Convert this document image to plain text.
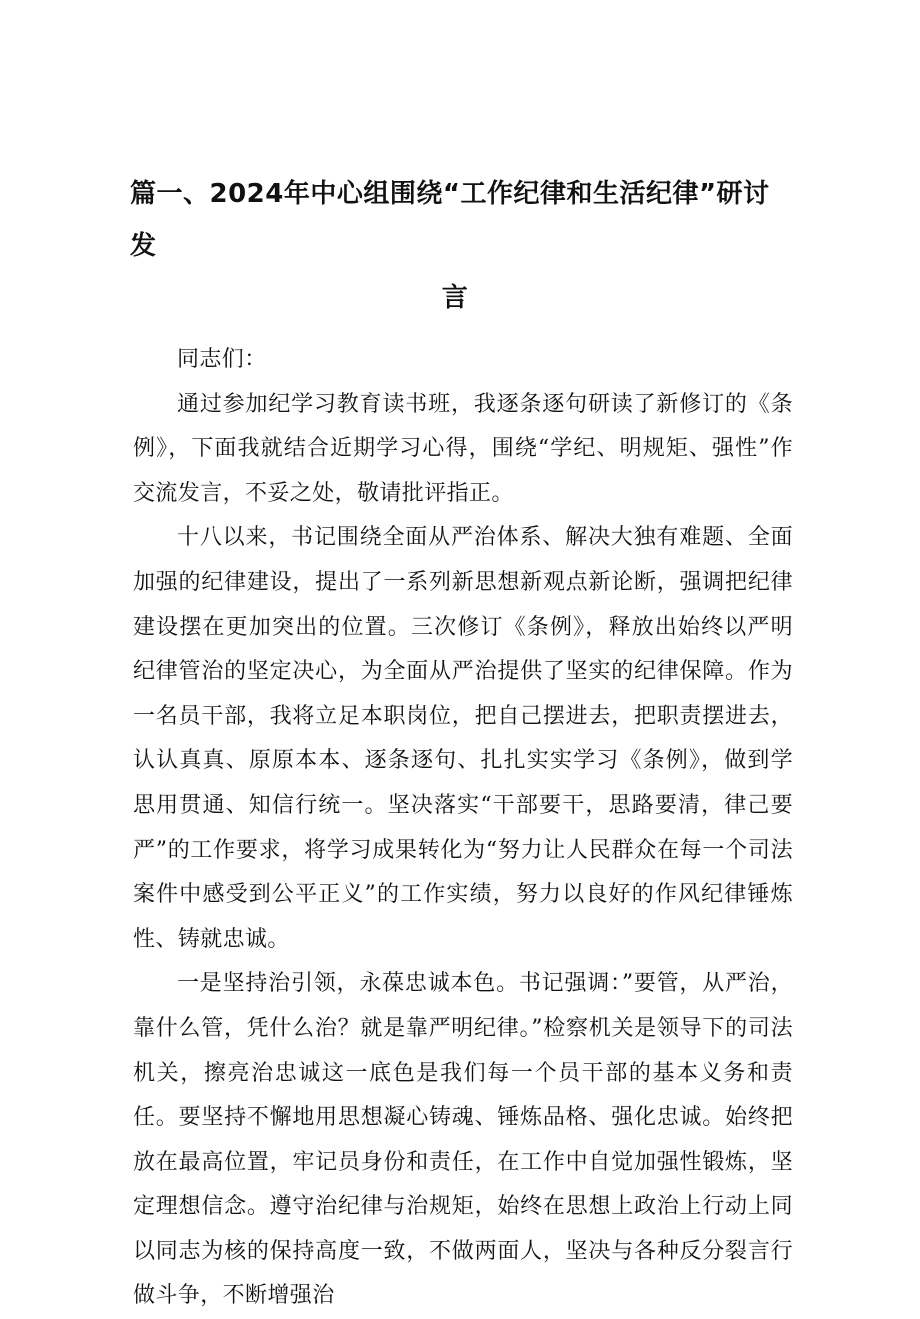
篇一、2024年中心组围绕“工作纪律和生活纪律”研讨发
言

同志们：

通过参加纪学习教育读书班，我逐条逐句研读了新修订的《条例》，下面我就结合近期学习心得，围绕“学纪、明规矩、强性”作交流发言，不妥之处，敬请批评指正。

十八以来，书记围绕全面从严治体系、解决大独有难题、全面加强的纪律建设，提出了一系列新思想新观点新论断，强调把纪律建设摆在更加突出的位置。三次修订《条例》，释放出始终以严明纪律管治的坚定决心，为全面从严治提供了坚实的纪律保障。作为一名员干部，我将立足本职岗位，把自己摆进去，把职责摆进去，认认真真、原原本本、逐条逐句、扎扎实实学习《条例》，做到学思用贯通、知信行统一。坚决落实“干部要干，思路要清，律己要严”的工作要求，将学习成果转化为“努力让人民群众在每一个司法案件中感受到公平正义”的工作实绩，努力以良好的作风纪律锤炼性、铸就忠诚。

一是坚持治引领，永葆忠诚本色。书记强调：”要管，从严治，靠什么管，凭什么治？就是靠严明纪律。”检察机关是领导下的司法机关，擦亮治忠诚这一底色是我们每一个员干部的基本义务和责任。要坚持不懈地用思想凝心铸魂、锤炼品格、强化忠诚。始终把放在最高位置，牢记员身份和责任，在工作中自觉加强性锻炼，坚定理想信念。遵守治纪律与治规矩，始终在思想上政治上行动上同以同志为核的保持高度一致，不做两面人，坚决与各种反分裂言行做斗争，不断增强治
